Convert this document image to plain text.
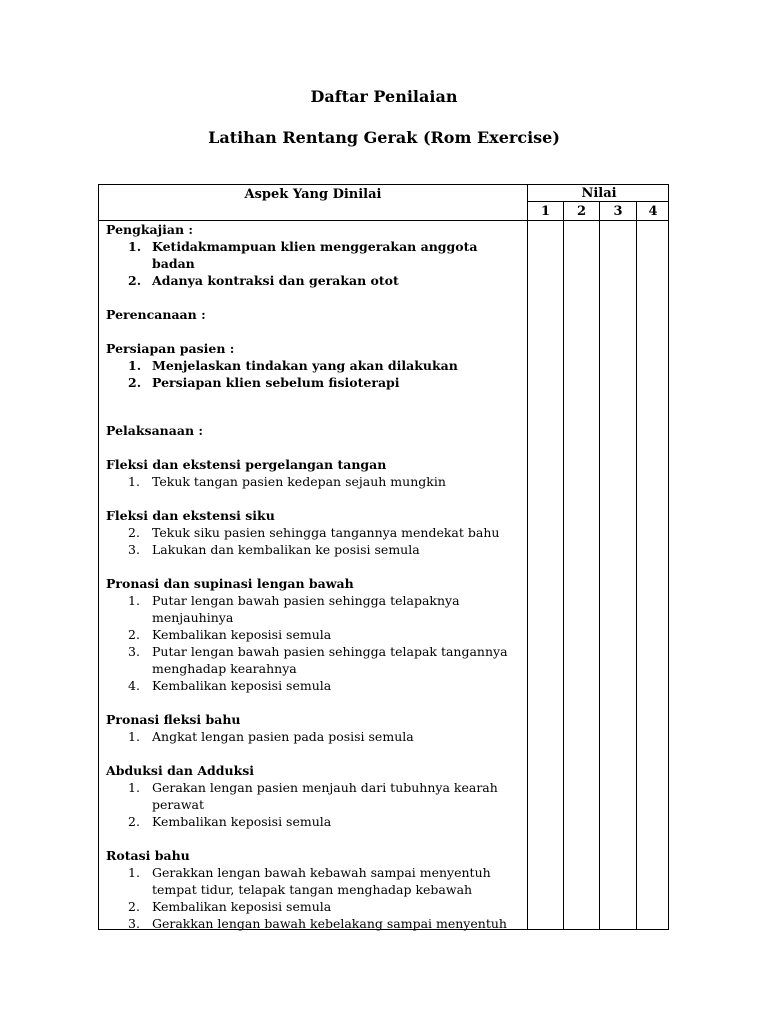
Daftar Penilaian
Latihan Rentang Gerak (Rom Exercise)
Aspek Yang Dinilai	Nilai
1	2	3	4
Pengkajian :
1. Ketidakmampuan klien menggerakan anggota badan
2. Adanya kontraksi dan gerakan otot
Perencanaan :
Persiapan pasien :
1. Menjelaskan tindakan yang akan dilakukan
2. Persiapan klien sebelum fisioterapi
Pelaksanaan :
Fleksi dan ekstensi pergelangan tangan
1. Tekuk tangan pasien kedepan sejauh mungkin
Fleksi dan ekstensi siku
2. Tekuk siku pasien sehingga tangannya mendekat bahu
3. Lakukan dan kembalikan ke posisi semula
Pronasi dan supinasi lengan bawah
1. Putar lengan bawah pasien sehingga telapaknya menjauhinya
2. Kembalikan keposisi semula
3. Putar lengan bawah pasien sehingga telapak tangannya menghadap kearahnya
4. Kembalikan keposisi semula
Pronasi fleksi bahu
1. Angkat lengan pasien pada posisi semula
Abduksi dan Adduksi
1. Gerakan lengan pasien menjauh dari tubuhnya kearah perawat
2. Kembalikan keposisi semula
Rotasi bahu
1. Gerakkan lengan bawah kebawah sampai menyentuh tempat tidur, telapak tangan menghadap kebawah
2. Kembalikan keposisi semula
3. Gerakkan lengan bawah kebelakang sampai menyentuh
